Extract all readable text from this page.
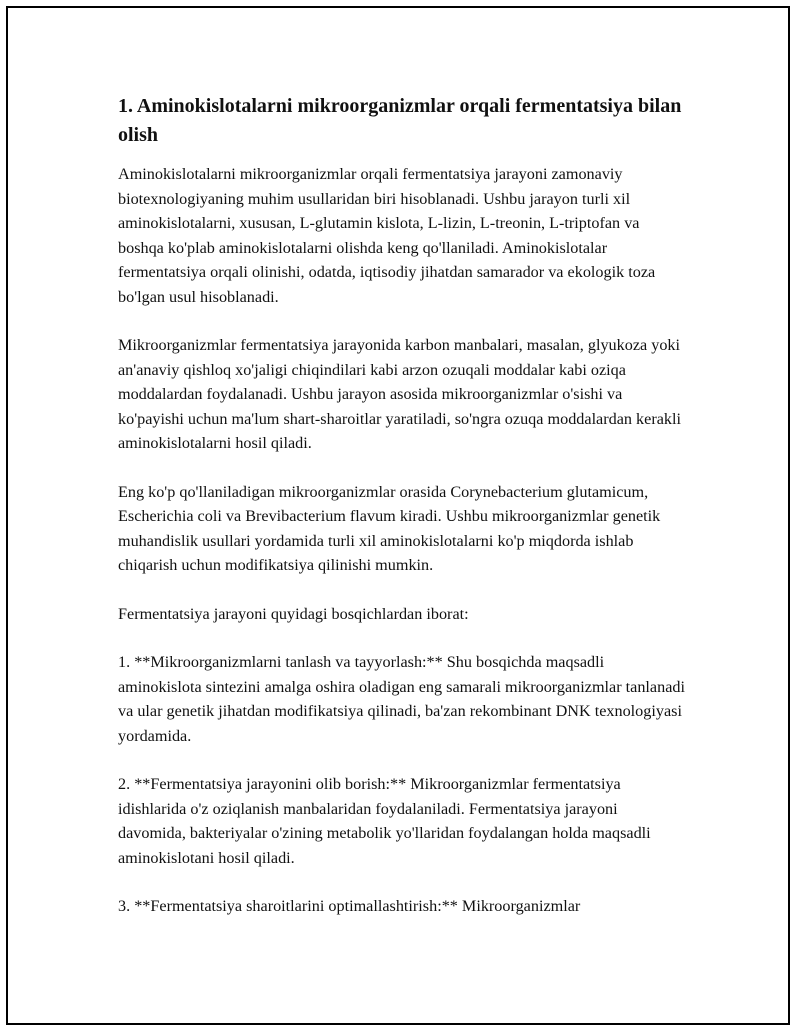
1. Aminokislotalarni mikroorganizmlar orqali fermentatsiya bilan olish

Aminokislotalarni mikroorganizmlar orqali fermentatsiya jarayoni zamonaviy biotexnologiyaning muhim usullaridan biri hisoblanadi. Ushbu jarayon turli xil aminokislotalarni, xususan, L-glutamin kislota, L-lizin, L-treonin, L-triptofan va boshqa ko'plab aminokislotalarni olishda keng qo'llaniladi. Aminokislotalar fermentatsiya orqali olinishi, odatda, iqtisodiy jihatdan samarador va ekologik toza bo'lgan usul hisoblanadi.

Mikroorganizmlar fermentatsiya jarayonida karbon manbalari, masalan, glyukoza yoki an'anaviy qishloq xo'jaligi chiqindilari kabi arzon ozuqali moddalar kabi oziqa moddalardan foydalanadi. Ushbu jarayon asosida mikroorganizmlar o'sishi va ko'payishi uchun ma'lum shart-sharoitlar yaratiladi, so'ngra ozuqa moddalardan kerakli aminokislotalarni hosil qiladi.

Eng ko'p qo'llaniladigan mikroorganizmlar orasida Corynebacterium glutamicum, Escherichia coli va Brevibacterium flavum kiradi. Ushbu mikroorganizmlar genetik muhandislik usullari yordamida turli xil aminokislotalarni ko'p miqdorda ishlab chiqarish uchun modifikatsiya qilinishi mumkin.

Fermentatsiya jarayoni quyidagi bosqichlardan iborat:

1. **Mikroorganizmlarni tanlash va tayyorlash:** Shu bosqichda maqsadli aminokislota sintezini amalga oshira oladigan eng samarali mikroorganizmlar tanlanadi va ular genetik jihatdan modifikatsiya qilinadi, ba'zan rekombinant DNK texnologiyasi yordamida.

2. **Fermentatsiya jarayonini olib borish:** Mikroorganizmlar fermentatsiya idishlarida o'z oziqlanish manbalaridan foydalaniladi. Fermentatsiya jarayoni davomida, bakteriyalar o'zining metabolik yo'llaridan foydalangan holda maqsadli aminokislotani hosil qiladi.

3. **Fermentatsiya sharoitlarini optimallashtirish:** Mikroorganizmlar
